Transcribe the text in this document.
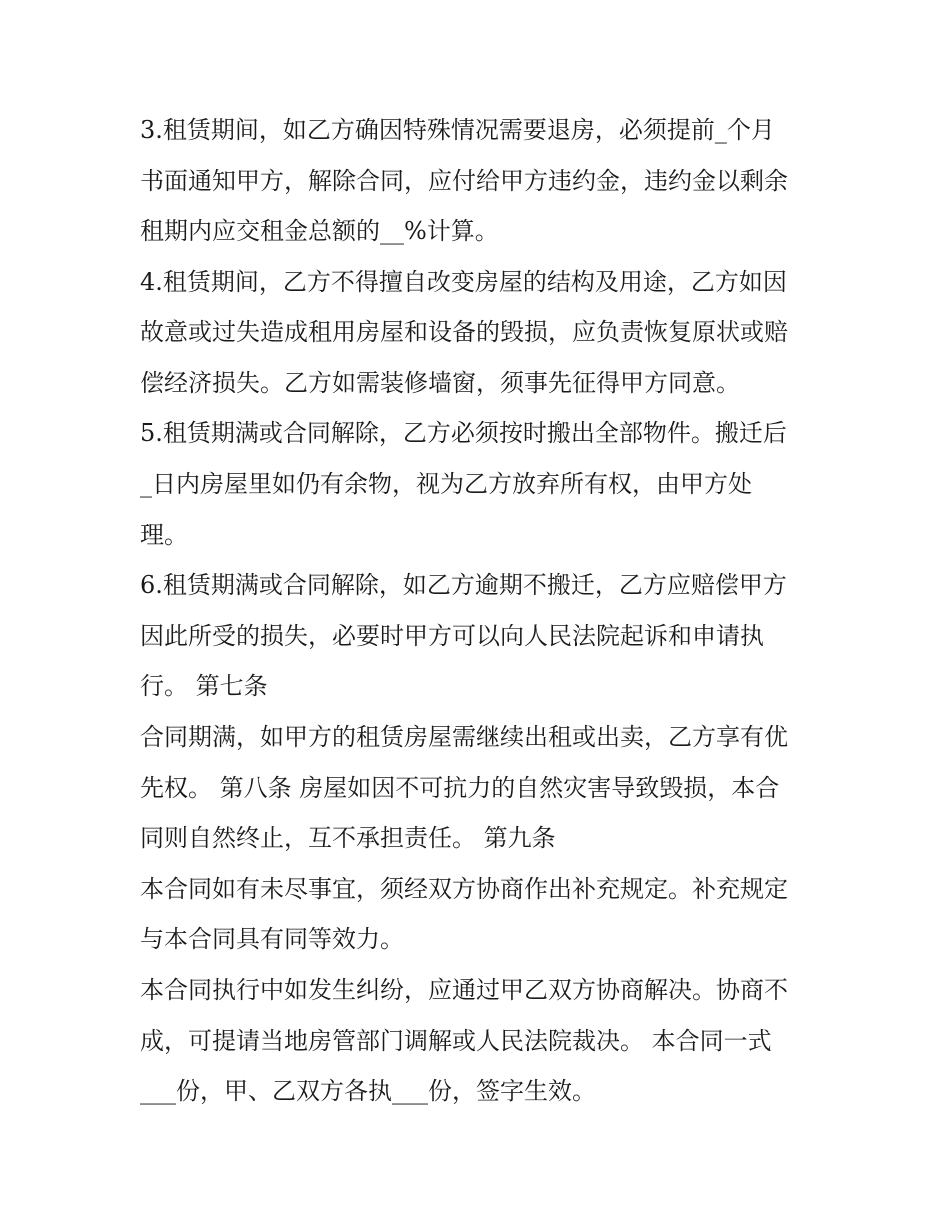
3.租赁期间，如乙方确因特殊情况需要退房，必须提前_个月
书面通知甲方，解除合同，应付给甲方违约金，违约金以剩余
租期内应交租金总额的__%计算。
4.租赁期间，乙方不得擅自改变房屋的结构及用途，乙方如因
故意或过失造成租用房屋和设备的毁损，应负责恢复原状或赔
偿经济损失。乙方如需装修墙窗，须事先征得甲方同意。
5.租赁期满或合同解除，乙方必须按时搬出全部物件。搬迁后
_日内房屋里如仍有余物，视为乙方放弃所有权，由甲方处
理。
6.租赁期满或合同解除，如乙方逾期不搬迁，乙方应赔偿甲方
因此所受的损失，必要时甲方可以向人民法院起诉和申请执
行。 第七条
合同期满，如甲方的租赁房屋需继续出租或出卖，乙方享有优
先权。 第八条 房屋如因不可抗力的自然灾害导致毁损，本合
同则自然终止，互不承担责任。 第九条
本合同如有未尽事宜，须经双方协商作出补充规定。补充规定
与本合同具有同等效力。
本合同执行中如发生纠纷，应通过甲乙双方协商解决。协商不
成，可提请当地房管部门调解或人民法院裁决。 本合同一式
___份，甲、乙双方各执___份，签字生效。
